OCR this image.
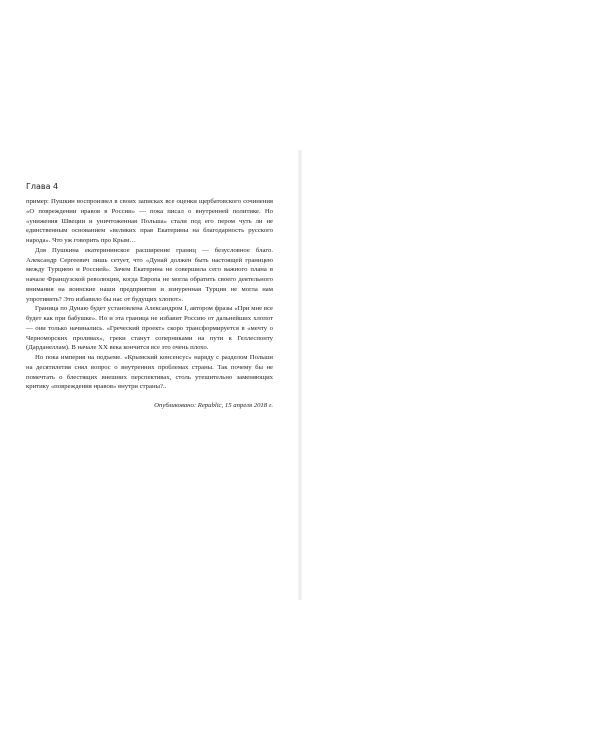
Глава 4

пример: Пушкин воспроизвел в своих записках все оценки щербатовского сочинения «О повреждении нравов в России» — пока писал о внутренней политике. Но «унижения Швеции и уничтоженная Польша» стали под его пером чуть ли не единственным основанием «великих прав Екатерины на благодарность русского народа». Что уж говорить про Крым…

Для Пушкина екатерининское расширение границ — безусловное благо. Александр Сергеевич лишь сетует, что «Дунай должен быть настоящей границею между Турциею и Россией». Зачем Екатерина не совершила сего важного плана в начале Французской революции, когда Европа не могла обратить своего деятельного внимания на воинские наши предприятия и изнуренная Турция не могла нам упротивить? Это избавило бы нас от будущих хлопот».

Граница по Дунаю будет установлена Александром I, автором фразы «При мне все будет как при бабушке». Но и эта граница не избавит Россию от дальнейших хлопот — они только начинались. «Греческий проект» скоро трансформируется в «мечту о Черноморских проливах», греки станут соперниками на пути к Геллеспонту (Дарданеллам). В начале XX века кончится все это очень плохо.

Но пока империя на подъеме. «Крымский консенсус» наряду с разделом Польши на десятилетия снял вопрос о внутренних проблемах страны. Так почему бы не помечтать о блестящих внешних перспективах, столь утешительно заменяющих критику «повреждения нравов» внутри страны?..

Опубликовано: Republic, 15 апреля 2018 г.
